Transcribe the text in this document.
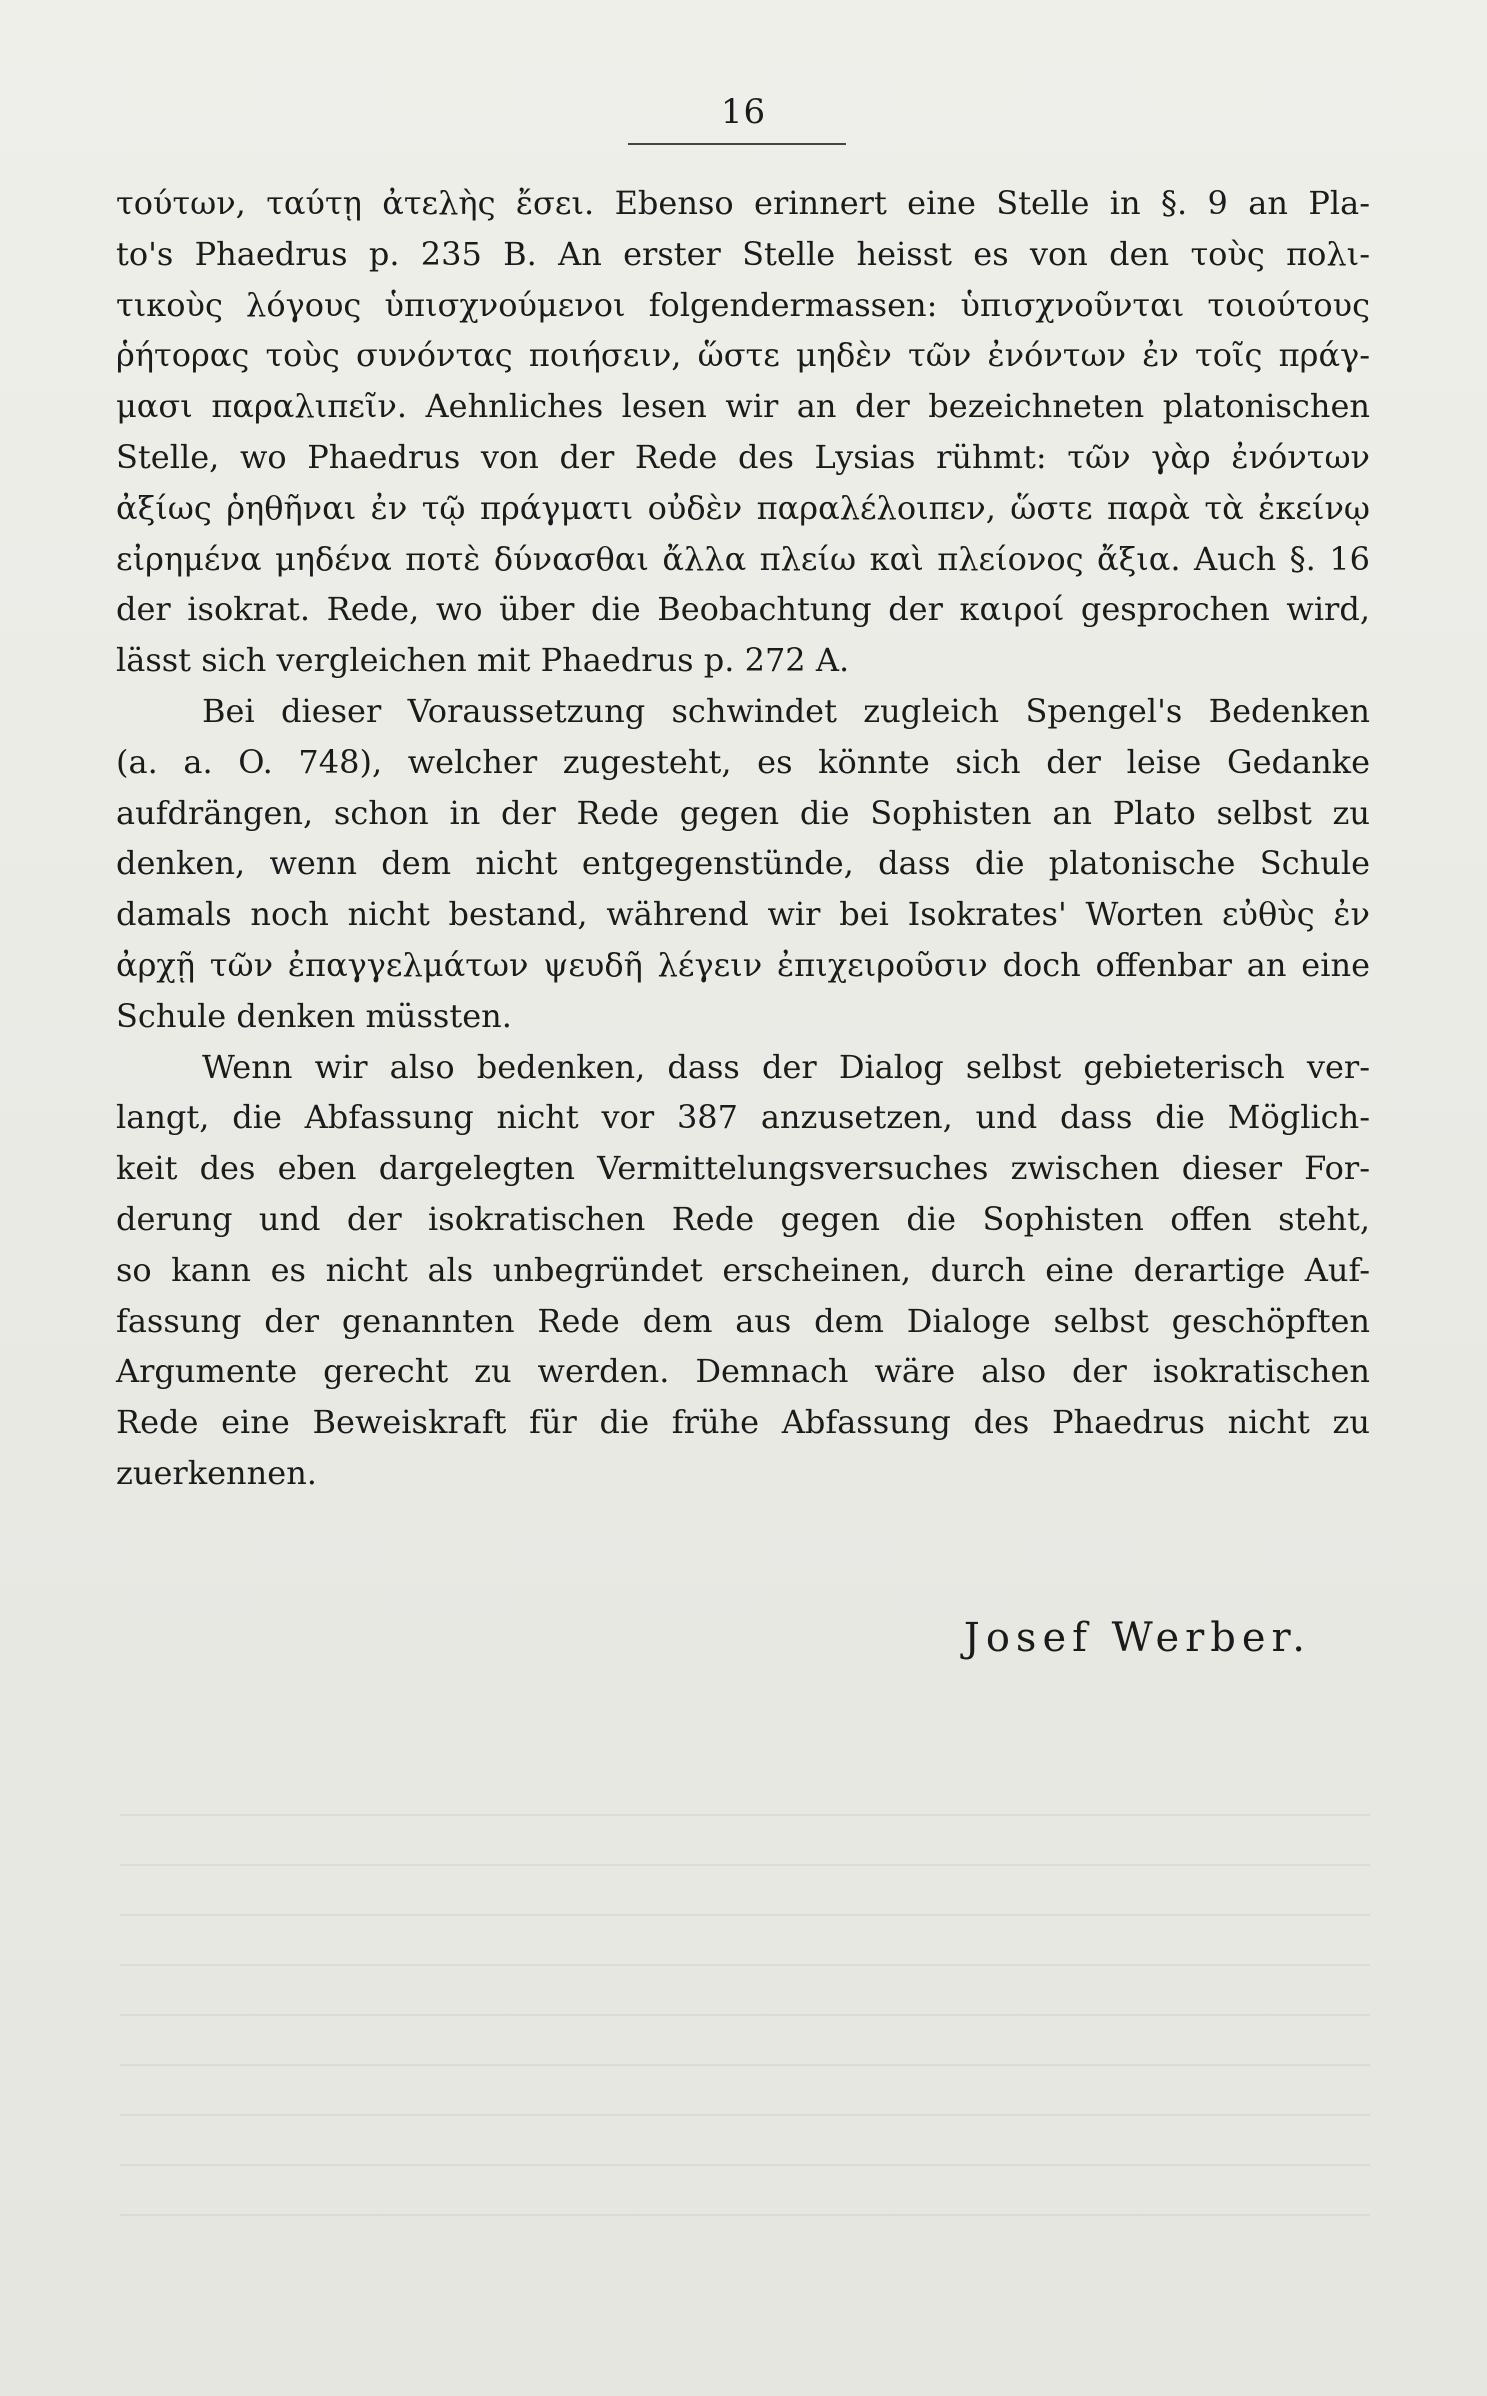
16
τούτων, ταύτῃ ἀτελὴς ἔσει. Ebenso erinnert eine Stelle in §. 9 an Pla-
to's Phaedrus p. 235 B. An erster Stelle heisst es von den τοὺς πολι-
τικοὺς λόγους ὑπισχνούμενοι folgendermassen: ὑπισχνοῦνται τοιούτους
ῥήτορας τοὺς συνόντας ποιήσειν, ὥστε μηδὲν τῶν ἐνόντων ἐν τοῖς πράγ-
μασι παραλιπεῖν. Aehnliches lesen wir an der bezeichneten platonischen
Stelle, wo Phaedrus von der Rede des Lysias rühmt: τῶν γὰρ ἐνόντων
ἀξίως ῥηθῆναι ἐν τῷ πράγματι οὐδὲν παραλέλοιπεν, ὥστε παρὰ τὰ ἐκείνῳ
εἰρημένα μηδένα ποτὲ δύνασθαι ἄλλα πλείω καὶ πλείονος ἄξια. Auch §. 16
der isokrat. Rede, wo über die Beobachtung der καιροί gesprochen wird,
lässt sich vergleichen mit Phaedrus p. 272 A.
Bei dieser Voraussetzung schwindet zugleich Spengel's Bedenken
(a. a. O. 748), welcher zugesteht, es könnte sich der leise Gedanke
aufdrängen, schon in der Rede gegen die Sophisten an Plato selbst zu
denken, wenn dem nicht entgegenstünde, dass die platonische Schule
damals noch nicht bestand, während wir bei Isokrates' Worten εὐθὺς ἐν
ἀρχῇ τῶν ἐπαγγελμάτων ψευδῆ λέγειν ἐπιχειροῦσιν doch offenbar an eine
Schule denken müssten.
Wenn wir also bedenken, dass der Dialog selbst gebieterisch ver-
langt, die Abfassung nicht vor 387 anzusetzen, und dass die Möglich-
keit des eben dargelegten Vermittelungsversuches zwischen dieser For-
derung und der isokratischen Rede gegen die Sophisten offen steht,
so kann es nicht als unbegründet erscheinen, durch eine derartige Auf-
fassung der genannten Rede dem aus dem Dialoge selbst geschöpften
Argumente gerecht zu werden. Demnach wäre also der isokratischen
Rede eine Beweiskraft für die frühe Abfassung des Phaedrus nicht zu
zuerkennen.
Josef Werber.
